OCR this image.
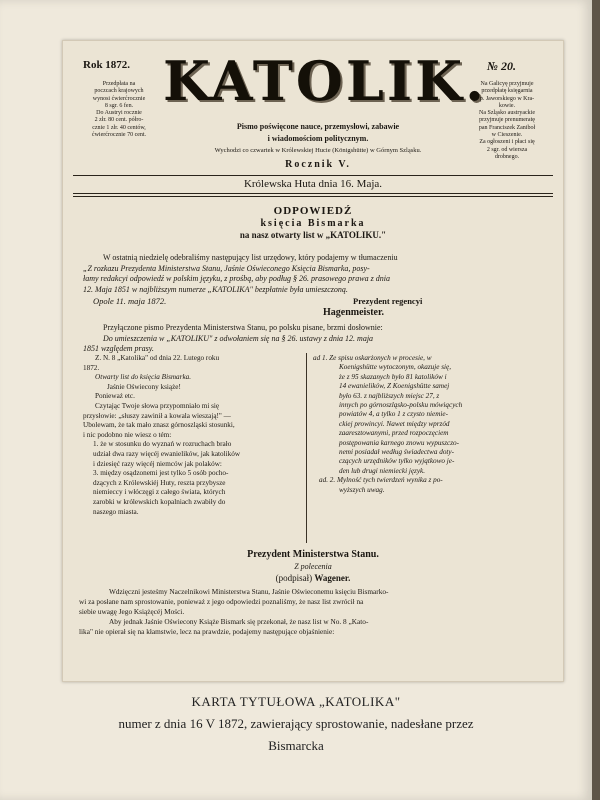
Rok 1872.	№ 20.
Przedpłata na
poczcach krajowych
wynosi ćwierćrocznie
8 sgr. 6 fen.
Do Austryi rocznie
2 złr. 80 cent. półro-
cznie 1 złr. 40 centów,
ćwierćrocznie 70 cent.
KATOLIK.
Na Galicyę przyjmuje
przedpłatę księgarnia
p. Jaworskiego w Kra-
kowie.
Na Szląsko austryackie
przyjmuje prenumeratę
pan Franciszek Zaniboł
w Cieszenie.
Za ogłoszeni i płaci się
2 sgr. od wiersza
drobnego.
Pismo poświęcone nauce, przemysłowi, zabawie
i wiadomościom politycznym.
Wychodzi co czwartek w Królewskiej Hucie (Königshütte) w Górnym Szląsku.
Rocznik V.
Królewska Huta dnia 16. Maja.
ODPOWIEDŹ
księcia Bismarka
na nasz otwarty list w „KATOLIKU."
W ostatnią niedzielę odebraliśmy następujący list urzędowy, który podajemy w tłumaczeniu
„Z rozkazu Prezydenta Ministerstwa Stanu, Jaśnie Oświeconego Księcia Bismarka, posy-
łamy redakcyi odpowiedź w polskim języku, z prośbą, aby podług § 26. prasowego prawa z dnia
12. Maja 1851 w najbliższym numerze „KATOLIKA" bezpłatnie była umieszczoną.
Opole 11. maja 1872.	Prezydent regencyi
Hagenmeister.
Przyłączone pismo Prezydenta Ministerstwa Stanu, po polsku pisane, brzmi dosłownie:
Do umieszczenia w „KATOLIKU" z odwołaniem się na § 26. ustawy z dnia 12. maja
1851 względem prasy.
Z. N. 8 „Katolika" od dnia 22. Lutego roku
1872.
Otwarty list do księcia Bismarka.
Jaśnie Oświecony książe!
Ponieważ etc.
Czytając Twoje słowa przypomniało mi się
przysłowie: „słuszy zawinił a kowala wieszają!" —
Ubolewam, że tak mało znasz górnoszląski stosunki,
i nic podobno nie wiesz o tém:
1. że w stosunku do wyznań w rozruchach brało
udział dwa razy więcéj ewanielików, jak katolików
i dziesięć razy więcéj niemców jak polaków:
3. między osądzonemi jest tylko 5 osób pocho-
dzących z Królewskiéj Huty, reszta przybysze
niemieccy i włóczęgi z całego świata, których
zarobki w królewskich kopalniach zwabiły do
naszego miasta.
ad 1. Ze spisu oskarżonych w procesie, w
Koenigshütte wytoczonym, okazuje się,
że z 95 skazanych było 81 katolików i
14 ewanielików, Z Koenigshütte samej
było 63. z najbliższych miejsc 27, z
innych po górnoszląsko-polsku mówiących
powiatów 4, a tylko 1 z czysto niemie-
ckiej prowincyi. Nawet między wprzód
zaaresztowanymi, przed rozpoczęciem
postępowania karnego znowu wypuszczo-
nemi posiadał według świadectwa doty-
czących urzędników tylko wyjątkowo je-
den lub drugi niemiecki język.
ad. 2. Mylność tych twierdzeń wynika z po-
wyższych uwag.
Prezydent Ministerstwa Stanu.
Z polecenia
(podpisał) Wagener.
Wdzięczni jesteśmy Naczelnikowi Ministerstwa Stanu, Jaśnie Oświeconemu księciu Bismarko-
wi za posłane nam sprostowanie, ponieważ z jego odpowiedzi poznaliśmy, że nasz list zwrócił na
siebie uwagę Jego Książęcéj Mości.
Aby jednak Jaśnie Oświecony Książe Bismark się przekonał, że nasz list w No. 8 „Kato-
lika" nie opierał się na kłamstwie, lecz na prawdzie, podajemy następujące objaśnienie:
KARTA TYTUŁOWA „KATOLIKA"
numer z dnia 16 V 1872, zawierający sprostowanie, nadesłane przez
Bismarcka
